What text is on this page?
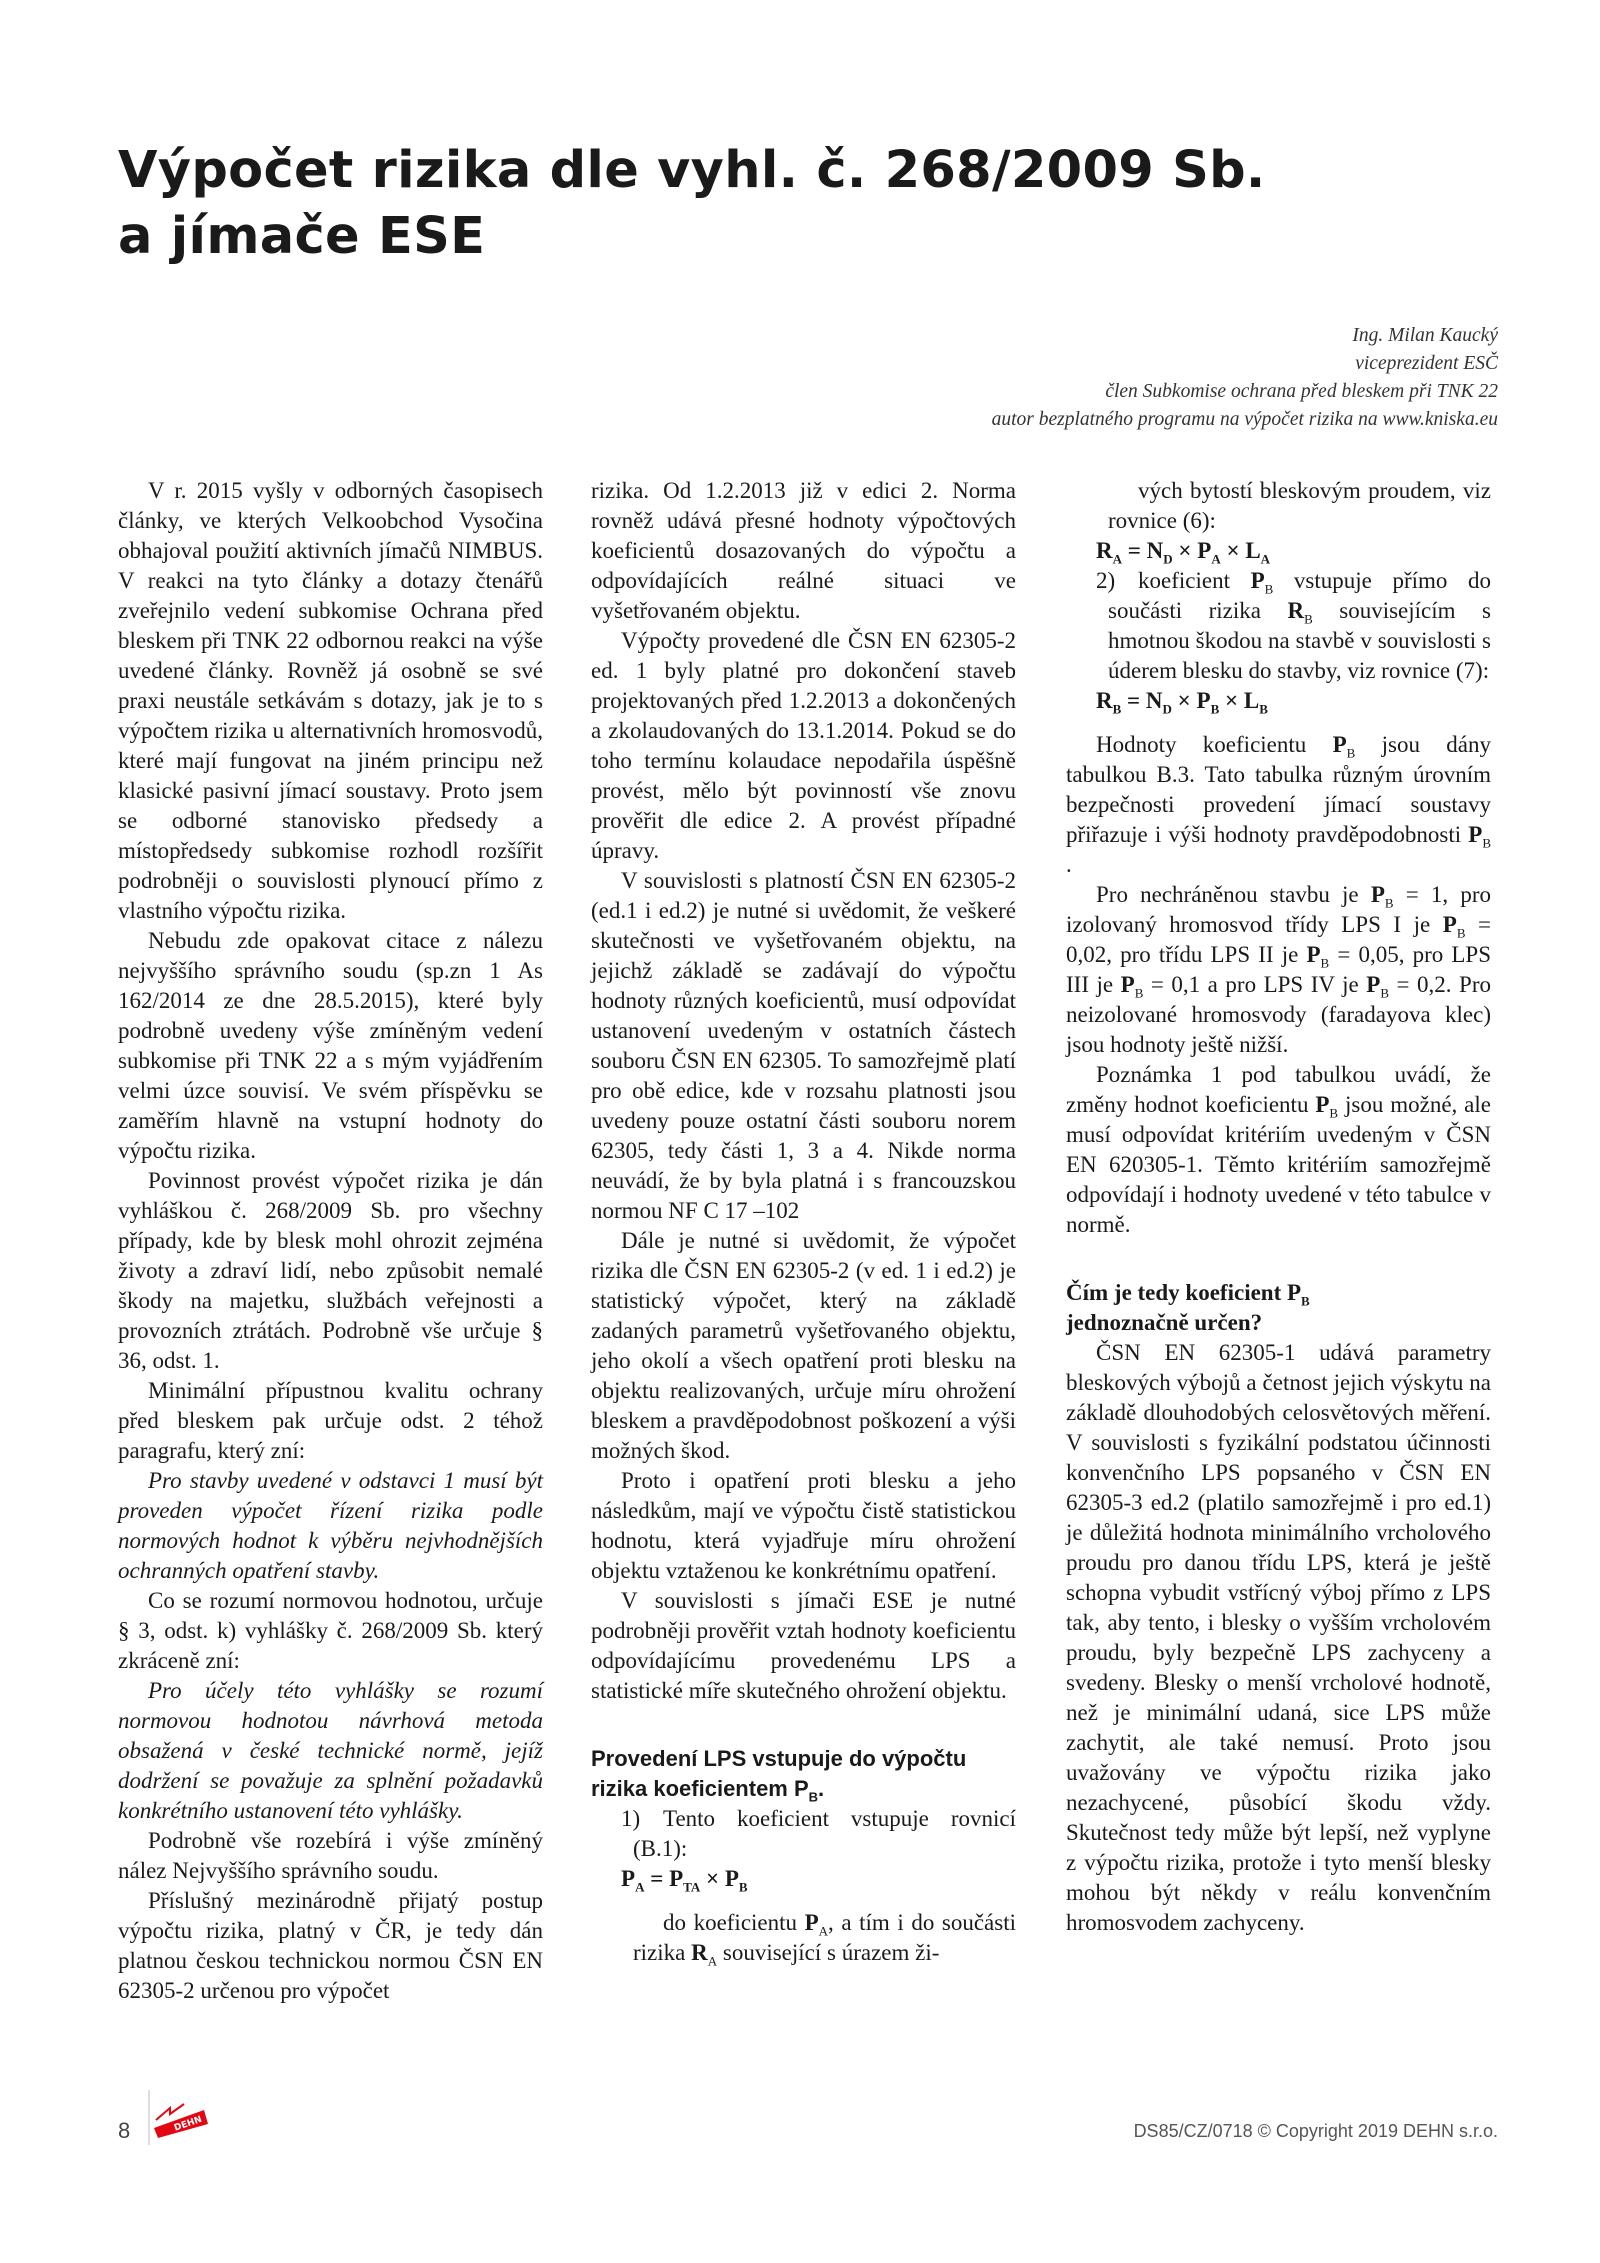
Výpočet rizika dle vyhl. č. 268/2009 Sb.
a jímače ESE
Ing. Milan Kaucký
viceprezident ESČ
člen Subkomise ochrana před bleskem při TNK 22
autor bezplatného programu na výpočet rizika na www.kniska.eu

V r. 2015 vyšly v odborných časopisech články, ve kterých Velkoobchod Vysočina obhajoval použití aktivních jímačů NIMBUS. V reakci na tyto články a dotazy čtenářů zveřejnilo vedení subkomise Ochrana před bleskem při TNK 22 odbornou reakci na výše uvedené články. Rovněž já osobně se své praxi neustále setkávám s dotazy, jak je to s výpočtem rizika u alternativních hromosvodů, které mají fungovat na jiném principu než klasické pasivní jímací soustavy. Proto jsem se odborné stanovisko předsedy a místopředsedy subkomise rozhodl rozšířit podrobněji o souvislosti plynoucí přímo z vlastního výpočtu rizika.

Nebudu zde opakovat citace z nálezu nejvyššího správního soudu (sp.zn 1 As 162/2014 ze dne 28.5.2015), které byly podrobně uvedeny výše zmíněným vedení subkomise při TNK 22 a s mým vyjádřením velmi úzce souvisí. Ve svém příspěvku se zaměřím hlavně na vstupní hodnoty do výpočtu rizika.

Povinnost provést výpočet rizika je dán vyhláškou č. 268/2009 Sb. pro všechny případy, kde by blesk mohl ohrozit zejména životy a zdraví lidí, nebo způsobit nemalé škody na majetku, službách veřejnosti a provozních ztrátách. Podrobně vše určuje § 36, odst. 1.

Minimální přípustnou kvalitu ochrany před bleskem pak určuje odst. 2 téhož paragrafu, který zní:

Pro stavby uvedené v odstavci 1 musí být proveden výpočet řízení rizika podle normových hodnot k výběru nejvhodnějších ochranných opatření stavby.

Co se rozumí normovou hodnotou, určuje § 3, odst. k) vyhlášky č. 268/2009 Sb. který zkráceně zní:

Pro účely této vyhlášky se rozumí normovou hodnotou návrhová metoda obsažená v české technické normě, jejíž dodržení se považuje za splnění požadavků konkrétního ustanovení této vyhlášky.

Podrobně vše rozebírá i výše zmíněný nález Nejvyššího správního soudu.

Příslušný mezinárodně přijatý postup výpočtu rizika, platný v ČR, je tedy dán platnou českou technickou normou ČSN EN 62305-2 určenou pro výpočet

rizika. Od 1.2.2013 již v edici 2. Norma rovněž udává přesné hodnoty výpočtových koeficientů dosazovaných do výpočtu a odpovídajících reálné situaci ve vyšetřovaném objektu.

Výpočty provedené dle ČSN EN 62305-2 ed. 1 byly platné pro dokončení staveb projektovaných před 1.2.2013 a dokončených a zkolaudovaných do 13.1.2014. Pokud se do toho termínu kolaudace nepodařila úspěšně provést, mělo být povinností vše znovu prověřit dle edice 2. A provést případné úpravy.

V souvislosti s platností ČSN EN 62305-2 (ed.1 i ed.2) je nutné si uvědomit, že veškeré skutečnosti ve vyšetřovaném objektu, na jejichž základě se zadávají do výpočtu hodnoty různých koeficientů, musí odpovídat ustanovení uvedeným v ostatních částech souboru ČSN EN 62305. To samozřejmě platí pro obě edice, kde v rozsahu platnosti jsou uvedeny pouze ostatní části souboru norem 62305, tedy části 1, 3 a 4. Nikde norma neuvádí, že by byla platná i s francouzskou normou NF C 17 –102

Dále je nutné si uvědomit, že výpočet rizika dle ČSN EN 62305-2 (v ed. 1 i ed.2) je statistický výpočet, který na základě zadaných parametrů vyšetřovaného objektu, jeho okolí a všech opatření proti blesku na objektu realizovaných, určuje míru ohrožení bleskem a pravděpodobnost poškození a výši možných škod.

Proto i opatření proti blesku a jeho následkům, mají ve výpočtu čistě statistickou hodnotu, která vyjadřuje míru ohrožení objektu vztaženou ke konkrétnímu opatření.

V souvislosti s jímači ESE je nutné podrobněji prověřit vztah hodnoty koeficientu odpovídajícímu provedenému LPS a statistické míře skutečného ohrožení objektu.

Provedení LPS vstupuje do výpočtu rizika koeficientem $P_B$.

1) Tento koeficient vstupuje rovnicí (B.1):

$P_A = P_{TA} \times P_B$

do koeficientu $P_A$, a tím i do součásti rizika $R_A$ související s úrazem ži-

vých bytostí bleskovým proudem, viz rovnice (6):

$R_A = N_D \times P_A \times L_A$

2) koeficient $P_B$ vstupuje přímo do součásti rizika $R_B$ souvisejícím s hmotnou škodou na stavbě v souvislosti s úderem blesku do stavby, viz rovnice (7):

$R_B = N_D \times P_B \times L_B$

Hodnoty koeficientu $P_B$ jsou dány tabulkou B.3. Tato tabulka různým úrovním bezpečnosti provedení jímací soustavy přiřazuje i výši hodnoty pravděpodobnosti $P_B$ .

Pro nechráněnou stavbu je $P_B = 1$, pro izolovaný hromosvod třídy LPS I je $P_B = 0,02$, pro třídu LPS II je $P_B = 0,05$, pro LPS III je $P_B = 0,1$ a pro LPS IV je $P_B = 0,2$. Pro neizolované hromosvody (faradayova klec) jsou hodnoty ještě nižší.

Poznámka 1 pod tabulkou uvádí, že změny hodnot koeficientu $P_B$ jsou možné, ale musí odpovídat kritériím uvedeným v ČSN EN 620305-1. Těmto kritériím samozřejmě odpovídají i hodnoty uvedené v této tabulce v normě.

Čím je tedy koeficient $P_B$
jednoznačně určen?

ČSN EN 62305-1 udává parametry bleskových výbojů a četnost jejich výskytu na základě dlouhodobých celosvětových měření. V souvislosti s fyzikální podstatou účinnosti konvenčního LPS popsaného v ČSN EN 62305-3 ed.2 (platilo samozřejmě i pro ed.1) je důležitá hodnota minimálního vrcholového proudu pro danou třídu LPS, která je ještě schopna vybudit vstřícný výboj přímo z LPS tak, aby tento, i blesky o vyšším vrcholovém proudu, byly bezpečně LPS zachyceny a svedeny. Blesky o menší vrcholové hodnotě, než je minimální udaná, sice LPS může zachytit, ale také nemusí. Proto jsou uvažovány ve výpočtu rizika jako nezachycené, působící škodu vždy. Skutečnost tedy může být lepší, než vyplyne z výpočtu rizika, protože i tyto menší blesky mohou být někdy v reálu konvenčním hromosvodem zachyceny.

8	DEHN	DS85/CZ/0718 © Copyright 2019 DEHN s.r.o.
